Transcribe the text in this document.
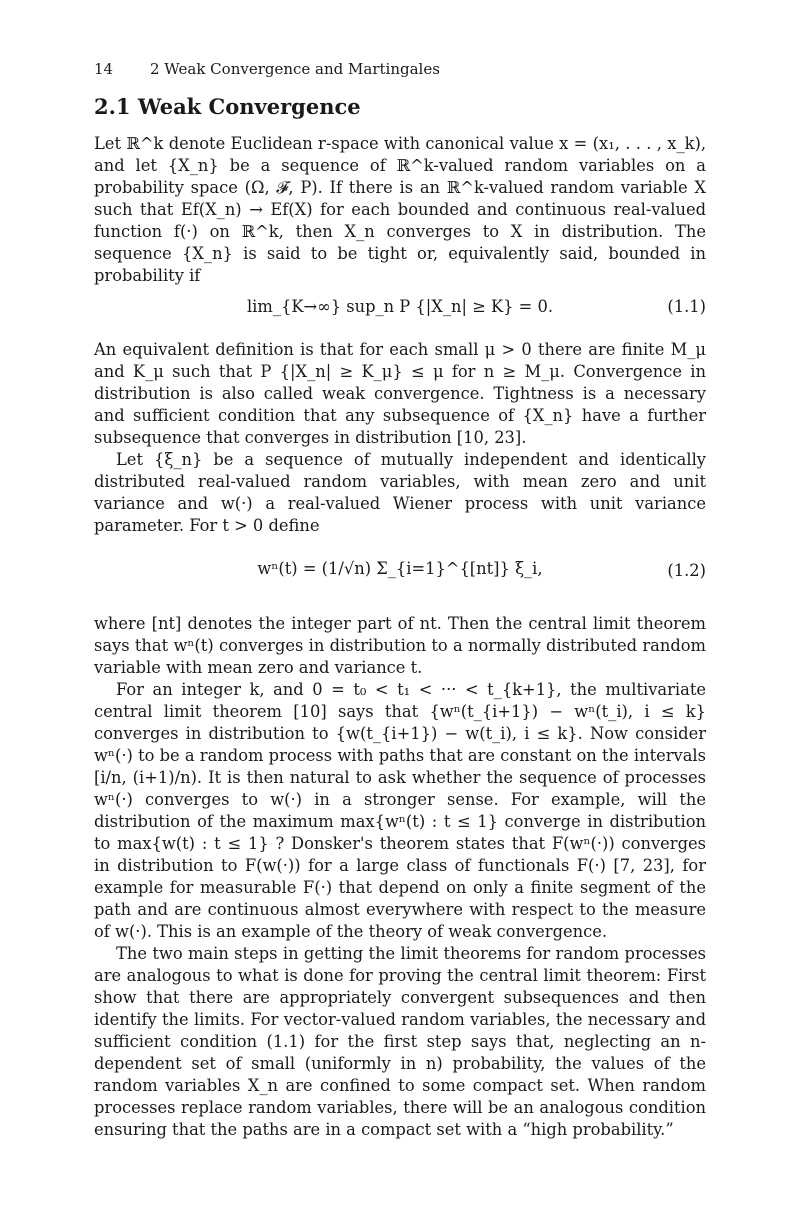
14 2 Weak Convergence and Martingales
2.1 Weak Convergence

Let ℝ^k denote Euclidean r-space with canonical value x = (x₁, . . . , x_k), and let {X_n} be a sequence of ℝ^k-valued random variables on a probability space (Ω, 𝓕, P). If there is an ℝ^k-valued random variable X such that Ef(X_n) → Ef(X) for each bounded and continuous real-valued function f(·) on ℝ^k, then X_n converges to X in distribution. The sequence {X_n} is said to be tight or, equivalently said, bounded in probability if

lim_{K→∞} sup_n P {|X_n| ≥ K} = 0.	(1.1)

An equivalent definition is that for each small μ > 0 there are finite M_μ and K_μ such that P {|X_n| ≥ K_μ} ≤ μ for n ≥ M_μ. Convergence in distribution is also called weak convergence. Tightness is a necessary and sufficient condition that any subsequence of {X_n} have a further subsequence that converges in distribution [10, 23].

Let {ξ_n} be a sequence of mutually independent and identically distributed real-valued random variables, with mean zero and unit variance and w(·) a real-valued Wiener process with unit variance parameter. For t > 0 define

wⁿ(t) = (1/√n) Σ_{i=1}^{[nt]} ξ_i,	(1.2)

where [nt] denotes the integer part of nt. Then the central limit theorem says that wⁿ(t) converges in distribution to a normally distributed random variable with mean zero and variance t.

For an integer k, and 0 = t₀ < t₁ < ··· < t_{k+1}, the multivariate central limit theorem [10] says that {wⁿ(t_{i+1}) − wⁿ(t_i), i ≤ k} converges in distribution to {w(t_{i+1}) − w(t_i), i ≤ k}. Now consider wⁿ(·) to be a random process with paths that are constant on the intervals [i/n, (i+1)/n). It is then natural to ask whether the sequence of processes wⁿ(·) converges to w(·) in a stronger sense. For example, will the distribution of the maximum max{wⁿ(t) : t ≤ 1} converge in distribution to max{w(t) : t ≤ 1} ? Donsker's theorem states that F(wⁿ(·)) converges in distribution to F(w(·)) for a large class of functionals F(·) [7, 23], for example for measurable F(·) that depend on only a finite segment of the path and are continuous almost everywhere with respect to the measure of w(·). This is an example of the theory of weak convergence.

The two main steps in getting the limit theorems for random processes are analogous to what is done for proving the central limit theorem: First show that there are appropriately convergent subsequences and then identify the limits. For vector-valued random variables, the necessary and sufficient condition (1.1) for the first step says that, neglecting an n-dependent set of small (uniformly in n) probability, the values of the random variables X_n are confined to some compact set. When random processes replace random variables, there will be an analogous condition ensuring that the paths are in a compact set with a “high probability.”
